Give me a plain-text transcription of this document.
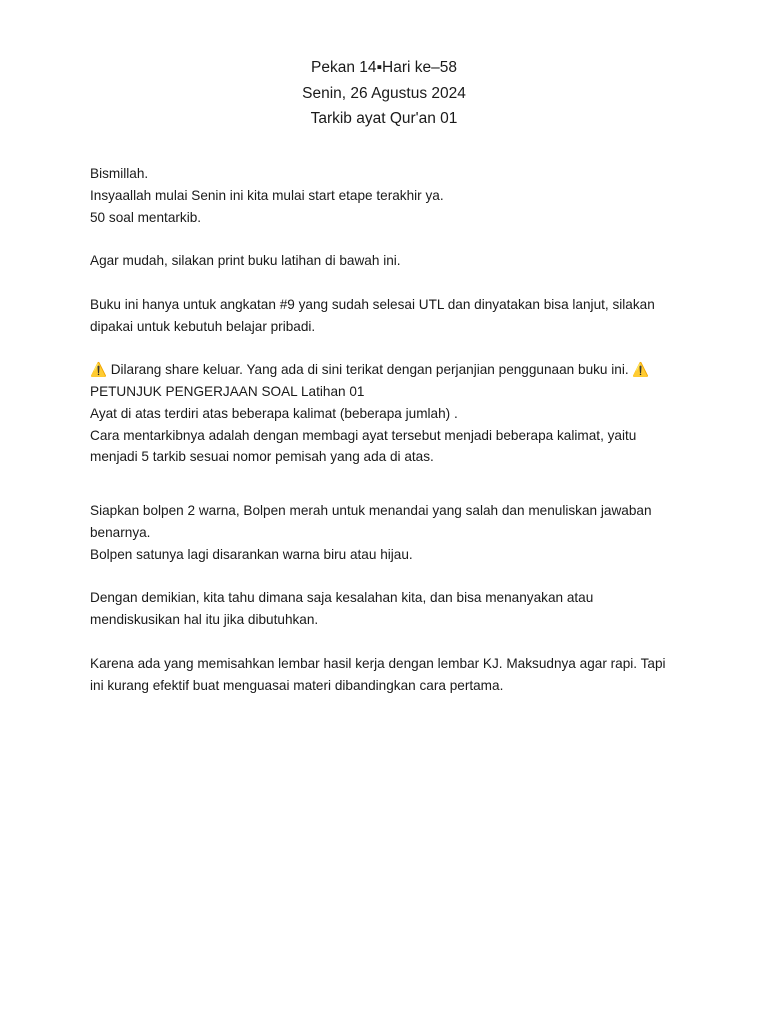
Pekan 14▪Hari ke–58
Senin, 26 Agustus 2024
Tarkib ayat Qur'an 01

Bismillah.

Insyaallah mulai Senin ini kita mulai start etape terakhir ya.

50 soal mentarkib.

Agar mudah, silakan print buku latihan di bawah ini.

Buku ini hanya untuk angkatan #9 yang sudah selesai UTL dan dinyatakan bisa lanjut, silakan dipakai untuk kebutuh belajar pribadi.

⚠️ Dilarang share keluar. Yang ada di sini terikat dengan perjanjian penggunaan buku ini. ⚠️

PETUNJUK PENGERJAAN SOAL Latihan 01

Ayat di atas terdiri atas beberapa kalimat (beberapa jumlah) .

Cara mentarkibnya adalah dengan membagi ayat tersebut menjadi beberapa kalimat, yaitu menjadi 5 tarkib sesuai nomor pemisah yang ada di atas.

Siapkan bolpen 2 warna, Bolpen merah untuk menandai yang salah dan menuliskan jawaban benarnya.

Bolpen satunya lagi disarankan warna biru atau hijau.

Dengan demikian, kita tahu dimana saja kesalahan kita, dan bisa menanyakan atau mendiskusikan hal itu jika dibutuhkan.

Karena ada yang memisahkan lembar hasil kerja dengan lembar KJ. Maksudnya agar rapi. Tapi ini kurang efektif buat menguasai materi dibandingkan cara pertama.
